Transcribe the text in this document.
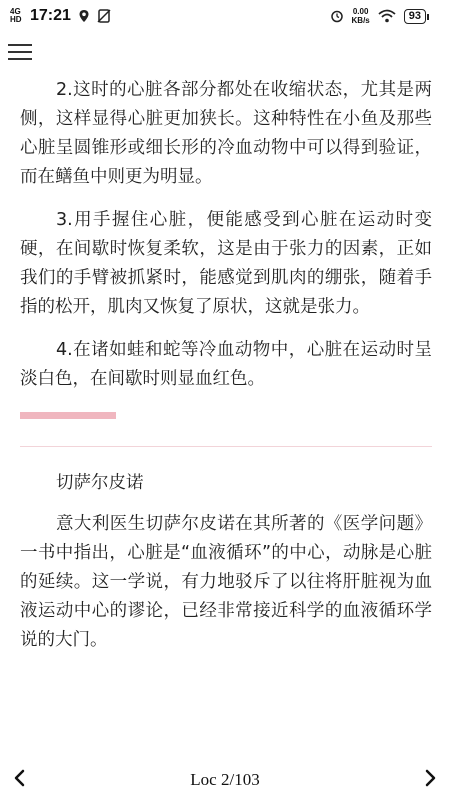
4G HD 17:21	0.00
KB/s	93

2.这时的心脏各部分都处在收缩状态，尤其是两侧，这样显得心脏更加狭长。这种特性在小鱼及那些心脏呈圆锥形或细长形的冷血动物中可以得到验证，而在鳝鱼中则更为明显。

3.用手握住心脏，便能感受到心脏在运动时变硬，在间歇时恢复柔软，这是由于张力的因素，正如我们的手臂被抓紧时，能感觉到肌肉的绷张，随着手指的松开，肌肉又恢复了原状，这就是张力。

4.在诸如蛙和蛇等冷血动物中，心脏在运动时呈淡白色，在间歇时则显血红色。

切萨尔皮诺

意大利医生切萨尔皮诺在其所著的《医学问题》一书中指出，心脏是“血液循环”的中心，动脉是心脏的延续。这一学说，有力地驳斥了以往将肝脏视为血液运动中心的谬论，已经非常接近科学的血液循环学说的大门。

Loc 2/103
